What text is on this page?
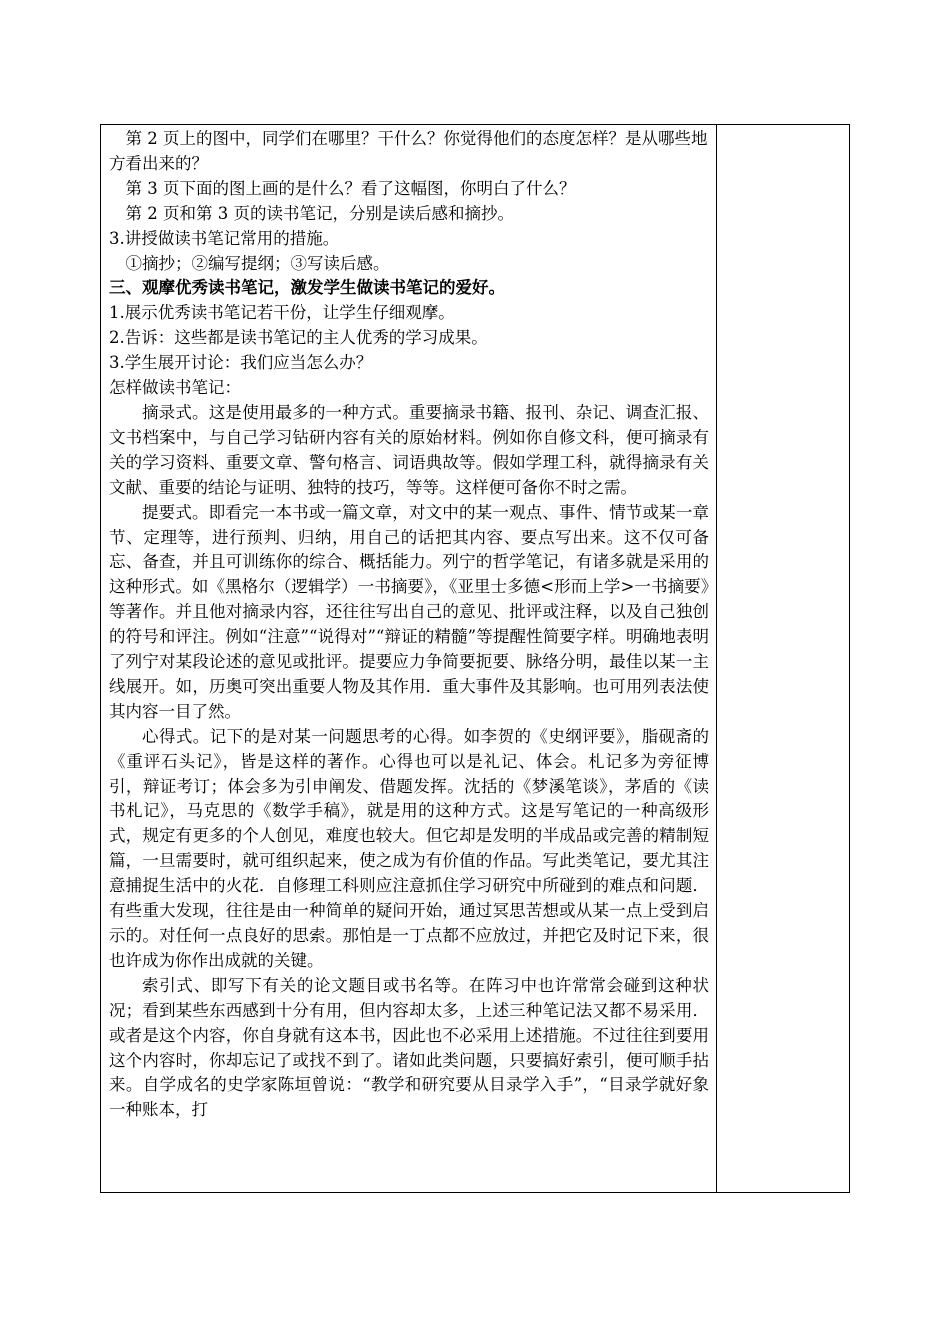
第 2 页上的图中，同学们在哪里？干什么？你觉得他们的态度怎样？是从哪些地方看出来的？

第 3 页下面的图上画的是什么？看了这幅图，你明白了什么？

第 2 页和第 3 页的读书笔记，分别是读后感和摘抄。

3.讲授做读书笔记常用的措施。

①摘抄；②编写提纲；③写读后感。

三、观摩优秀读书笔记，激发学生做读书笔记的爱好。

1.展示优秀读书笔记若干份，让学生仔细观摩。

2.告诉：这些都是读书笔记的主人优秀的学习成果。

3.学生展开讨论：我们应当怎么办？

怎样做读书笔记：

摘录式。这是使用最多的一种方式。重要摘录书籍、报刊、杂记、调查汇报、文书档案中，与自己学习钻研内容有关的原始材料。例如你自修文科，便可摘录有关的学习资料、重要文章、警句格言、词语典故等。假如学理工科，就得摘录有关文献、重要的结论与证明、独特的技巧，等等。这样便可备你不时之需。

提要式。即看完一本书或一篇文章，对文中的某一观点、事件、情节或某一章节、定理等，进行预判、归纳，用自己的话把其内容、要点写出来。这不仅可备忘、备查，并且可训练你的综合、概括能力。列宁的哲学笔记，有诸多就是采用的这种形式。如《黑格尔（逻辑学）一书摘要》，《亚里士多德<形而上学>一书摘要》等著作。并且他对摘录内容，还往往写出自己的意见、批评或注释，以及自己独创的符号和评注。例如“注意”“说得对”“辩证的精髓”等提醒性简要字样。明确地表明了列宁对某段论述的意见或批评。提要应力争简要扼要、脉络分明，最佳以某一主线展开。如，历奥可突出重要人物及其作用．重大事件及其影响。也可用列表法使其内容一目了然。

心得式。记下的是对某一问题思考的心得。如李贺的《史纲评要》，脂砚斋的《重评石头记》，皆是这样的著作。心得也可以是礼记、体会。札记多为旁征博引，辩证考订；体会多为引申阐发、借题发挥。沈括的《梦溪笔谈》，茅盾的《读书札记》，马克思的《数学手稿》，就是用的这种方式。这是写笔记的一种高级形式，规定有更多的个人创见，难度也较大。但它却是发明的半成品或完善的精制短篇，一旦需要时，就可组织起来，使之成为有价值的作品。写此类笔记，要尤其注意捕捉生活中的火花．自修理工科则应注意抓住学习研究中所碰到的难点和问题．有些重大发现，往往是由一种简单的疑问开始，通过冥思苦想或从某一点上受到启示的。对任何一点良好的思索。那怕是一丁点都不应放过，并把它及时记下来，很也许成为你作出成就的关键。

索引式、即写下有关的论文题目或书名等。在阵习中也许常常会碰到这种状况；看到某些东西感到十分有用，但内容却太多，上述三种笔记法又都不易采用．或者是这个内容，你自身就有这本书，因此也不必采用上述措施。不过往往到要用这个内容时，你却忘记了或找不到了。诸如此类问题，只要搞好索引，便可顺手拈来。自学成名的史学家陈垣曾说：“教学和研究要从目录学入手”，“目录学就好象一种账本，打
